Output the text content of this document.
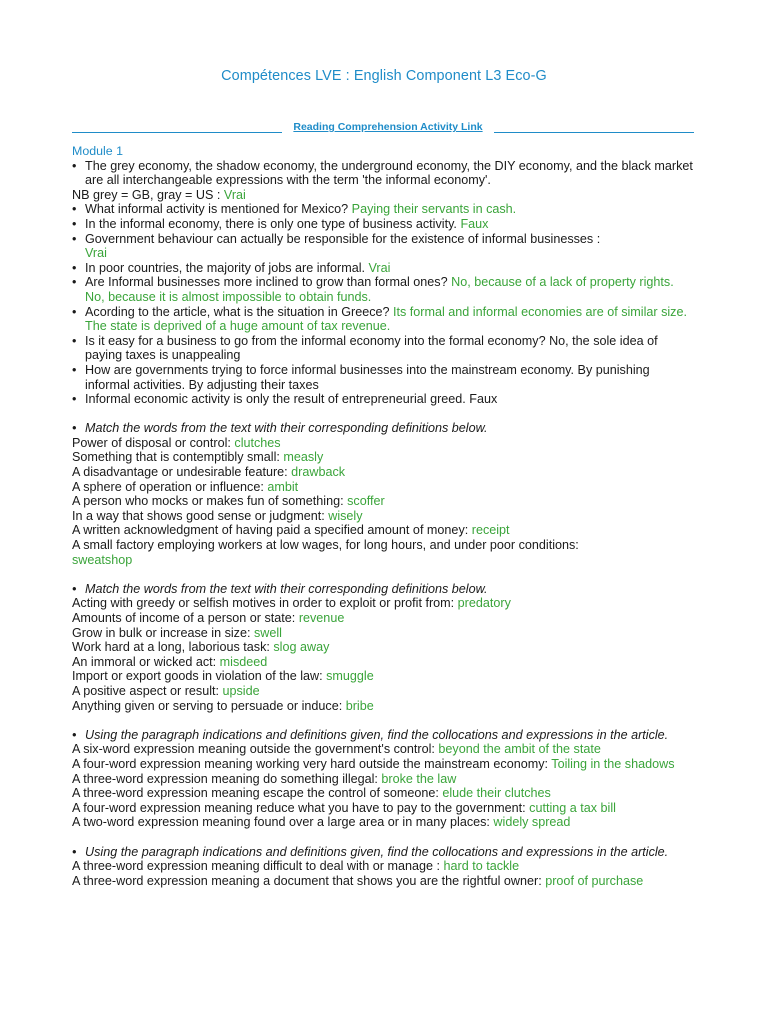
Compétences LVE : English Component L3 Eco-G
Reading Comprehension Activity Link
Module 1
• The grey economy, the shadow economy, the underground economy, the DIY economy, and the black market are all interchangeable expressions with the term 'the informal economy'.
NB grey = GB, gray = US : Vrai
• What informal activity is mentioned for Mexico? Paying their servants in cash.
• In the informal economy, there is only one type of business activity. Faux
• Government behaviour can actually be responsible for the existence of informal businesses :
Vrai
• In poor countries, the majority of jobs are informal. Vrai
• Are Informal businesses more inclined to grow than formal ones? No, because of a lack of property rights. No, because it is almost impossible to obtain funds.
• Acording to the article, what is the situation in Greece? Its formal and informal economies are of similar size. The state is deprived of a huge amount of tax revenue.
• Is it easy for a business to go from the informal economy into the formal economy? No, the sole idea of paying taxes is unappealing
• How are governments trying to force informal businesses into the mainstream economy. By punishing informal activities. By adjusting their taxes
• Informal economic activity is only the result of entrepreneurial greed. Faux
• Match the words from the text with their corresponding definitions below.
Power of disposal or control: clutches
Something that is contemptibly small: measly
A disadvantage or undesirable feature: drawback
A sphere of operation or influence: ambit
A person who mocks or makes fun of something: scoffer
In a way that shows good sense or judgment: wisely
A written acknowledgment of having paid a specified amount of money: receipt
A small factory employing workers at low wages, for long hours, and under poor conditions:
sweatshop
• Match the words from the text with their corresponding definitions below.
Acting with greedy or selfish motives in order to exploit or profit from: predatory
Amounts of income of a person or state: revenue
Grow in bulk or increase in size: swell
Work hard at a long, laborious task: slog away
An immoral or wicked act: misdeed
Import or export goods in violation of the law: smuggle
A positive aspect or result: upside
Anything given or serving to persuade or induce: bribe
• Using the paragraph indications and definitions given, find the collocations and expressions in the article.
A six-word expression meaning outside the government's control: beyond the ambit of the state
A four-word expression meaning working very hard outside the mainstream economy: Toiling in the shadows
A three-word expression meaning do something illegal: broke the law
A three-word expression meaning escape the control of someone: elude their clutches
A four-word expression meaning reduce what you have to pay to the government: cutting a tax bill
A two-word expression meaning found over a large area or in many places: widely spread
• Using the paragraph indications and definitions given, find the collocations and expressions in the article.
A three-word expression meaning difficult to deal with or manage : hard to tackle
A three-word expression meaning a document that shows you are the rightful owner: proof of purchase
